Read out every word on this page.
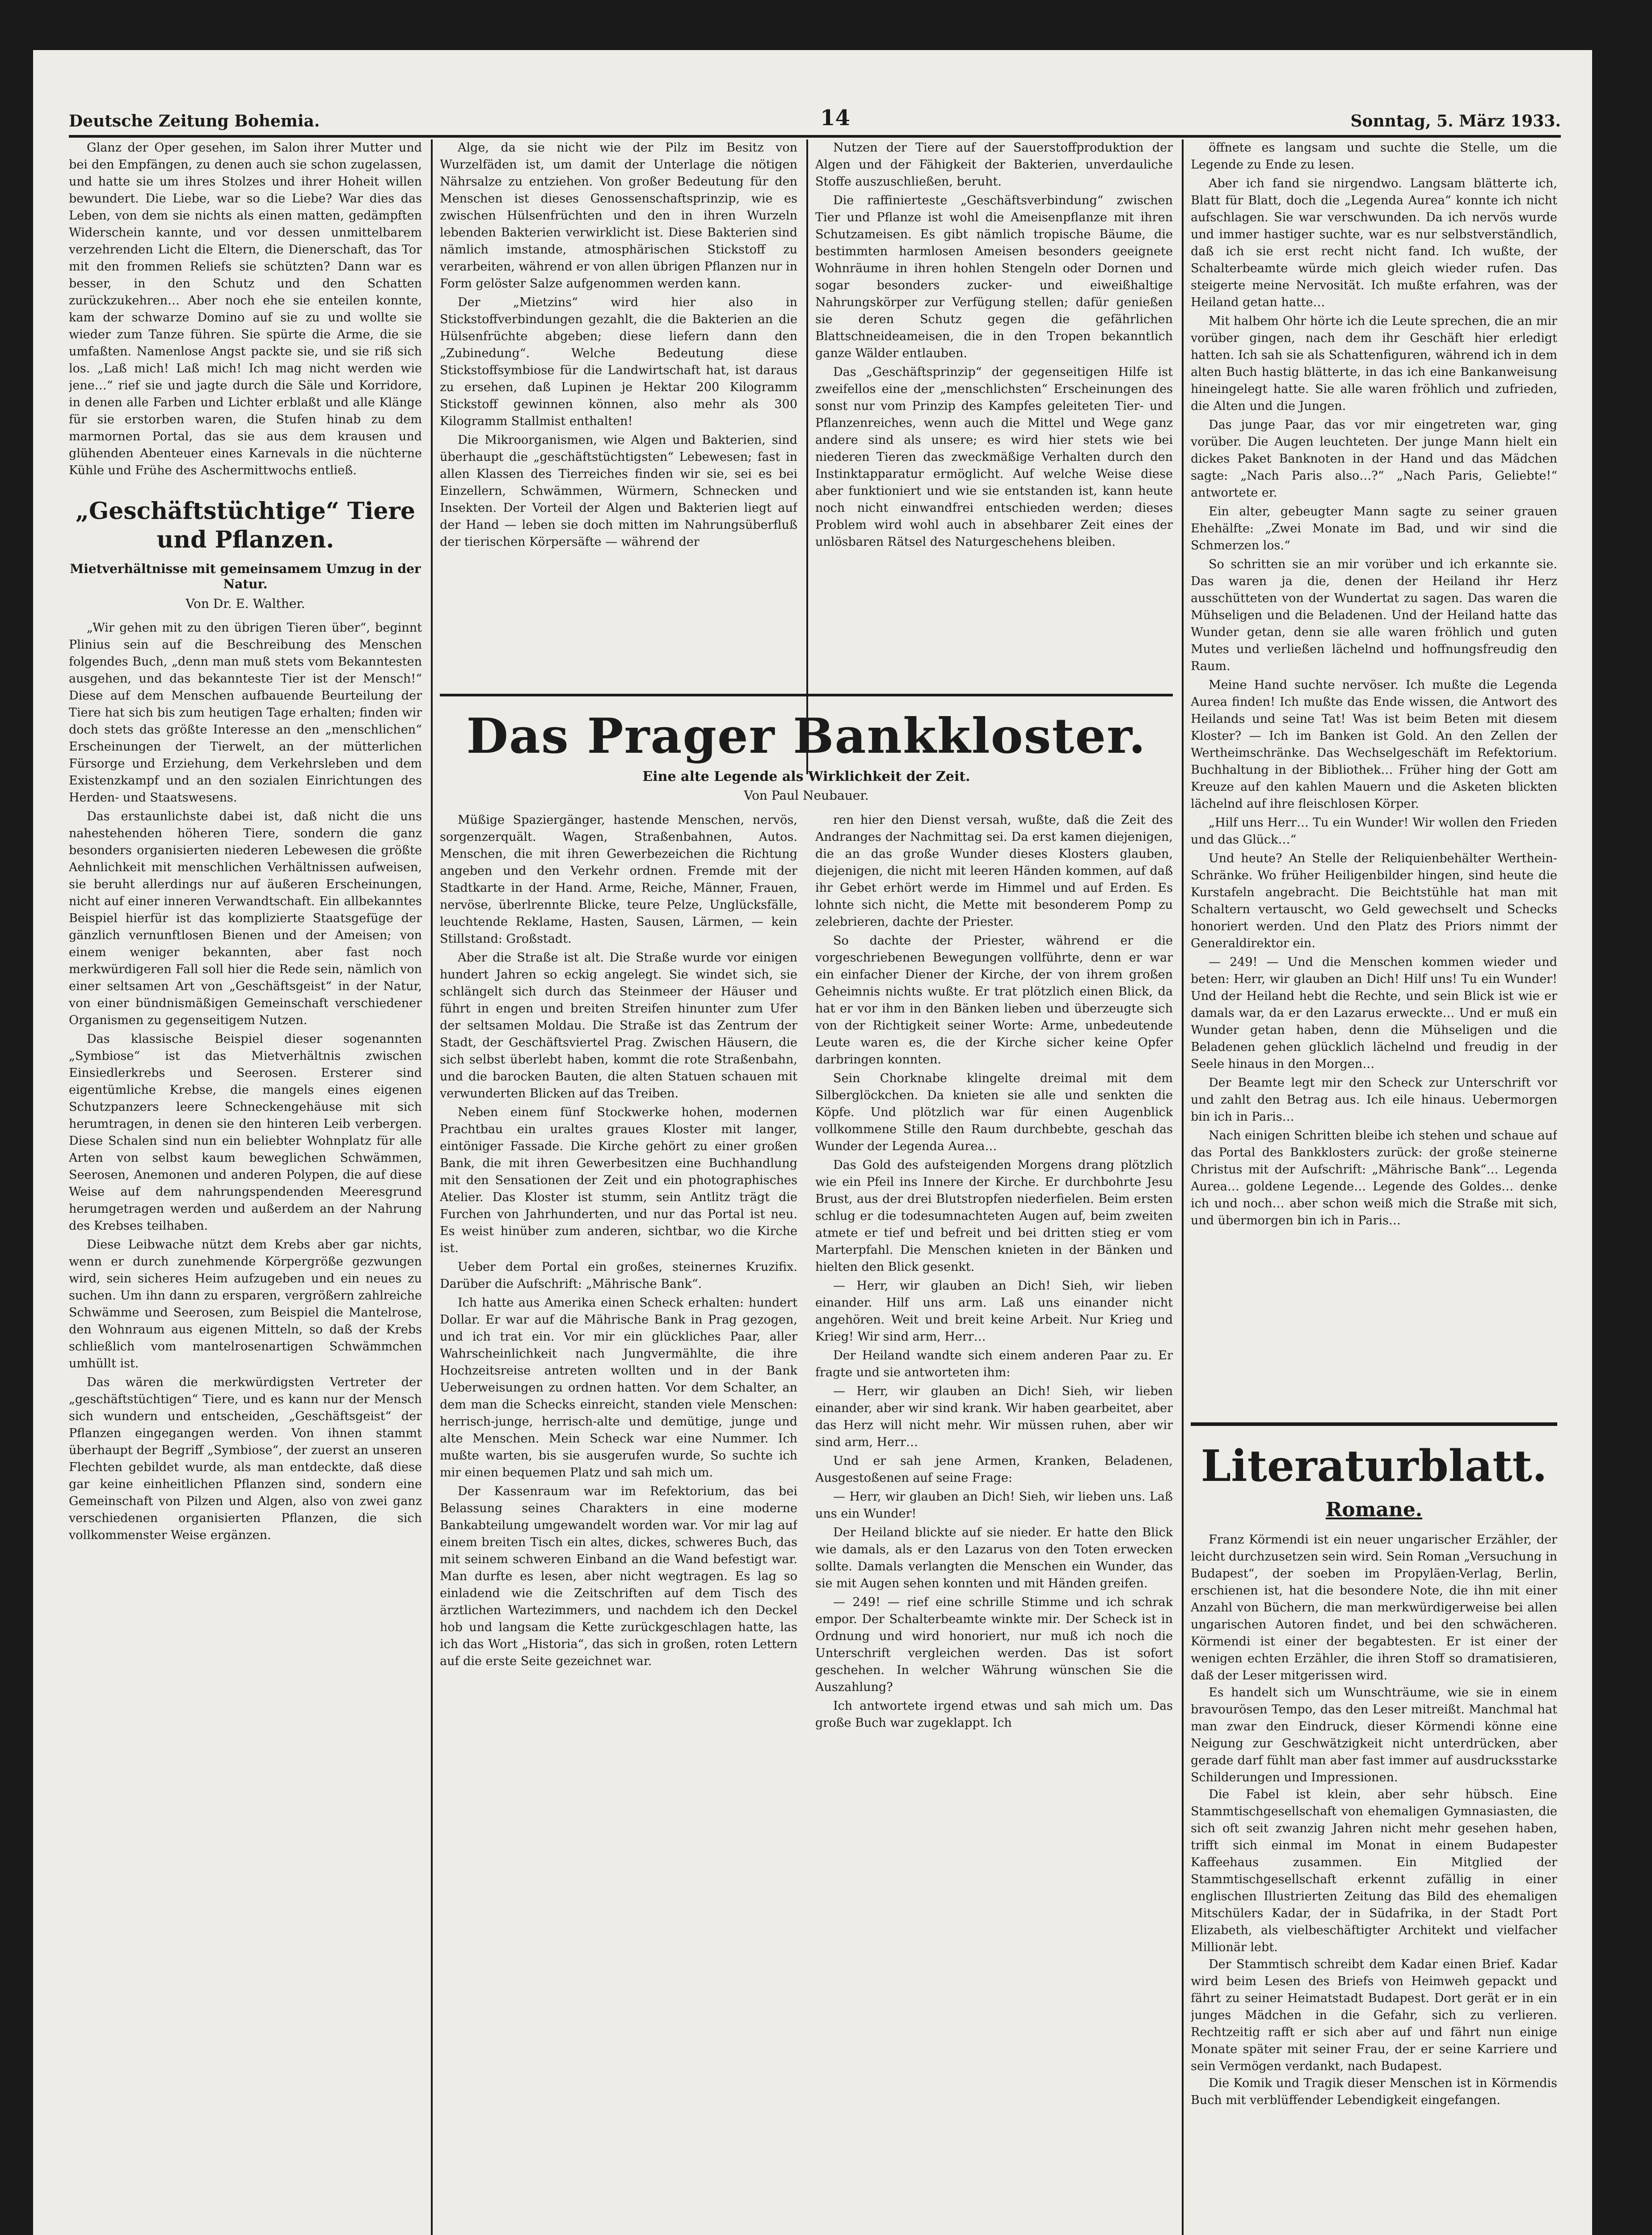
Deutsche Zeitung Bohemia.	14	Sonntag, 5. März 1933.

Glanz der Oper gesehen, im Salon ihrer Mutter und bei den Empfängen, zu denen auch sie schon zugelassen, und hatte sie um ihres Stolzes und ihrer Hoheit willen bewundert. Die Liebe, war so die Liebe? War dies das Leben, von dem sie nichts als einen matten, gedämpften Widerschein kannte, und vor dessen unmittelbarem verzehrenden Licht die Eltern, die Dienerschaft, das Tor mit den frommen Reliefs sie schützten? Dann war es besser, in den Schutz und den Schatten zurückzukehren… Aber noch ehe sie enteilen konnte, kam der schwarze Domino auf sie zu und wollte sie wieder zum Tanze führen. Sie spürte die Arme, die sie umfaßten. Namenlose Angst packte sie, und sie riß sich los. „Laß mich! Laß mich! Ich mag nicht werden wie jene…“ rief sie und jagte durch die Säle und Korridore, in denen alle Farben und Lichter erblaßt und alle Klänge für sie erstorben waren, die Stufen hinab zu dem marmornen Portal, das sie aus dem krausen und glühenden Abenteuer eines Karnevals in die nüchterne Kühle und Frühe des Aschermittwochs entließ.

„Geschäftstüchtige“ Tiere und Pflanzen.
Mietverhältnisse mit gemeinsamem Umzug in der Natur.
Von Dr. E. Walther.

„Wir gehen mit zu den übrigen Tieren über“, beginnt Plinius sein auf die Beschreibung des Menschen folgendes Buch, „denn man muß stets vom Bekanntesten ausgehen, und das bekannteste Tier ist der Mensch!“ Diese auf dem Menschen aufbauende Beurteilung der Tiere hat sich bis zum heutigen Tage erhalten; finden wir doch stets das größte Interesse an den „menschlichen“ Erscheinungen der Tierwelt, an der mütterlichen Fürsorge und Erziehung, dem Verkehrsleben und dem Existenzkampf und an den sozialen Einrichtungen des Herden- und Staatswesens.

Das erstaunlichste dabei ist, daß nicht die uns nahestehenden höheren Tiere, sondern die ganz besonders organisierten niederen Lebewesen die größte Aehnlichkeit mit menschlichen Verhältnissen aufweisen, sie beruht allerdings nur auf äußeren Erscheinungen, nicht auf einer inneren Verwandtschaft. Ein allbekanntes Beispiel hierfür ist das komplizierte Staatsgefüge der gänzlich vernunftlosen Bienen und der Ameisen; von einem weniger bekannten, aber fast noch merkwürdigeren Fall soll hier die Rede sein, nämlich von einer seltsamen Art von „Geschäftsgeist“ in der Natur, von einer bündnismäßigen Gemeinschaft verschiedener Organismen zu gegenseitigem Nutzen.

Das klassische Beispiel dieser sogenannten „Symbiose“ ist das Mietverhältnis zwischen Einsiedlerkrebs und Seerosen. Ersterer sind eigentümliche Krebse, die mangels eines eigenen Schutzpanzers leere Schneckengehäuse mit sich herumtragen, in denen sie den hinteren Leib verbergen. Diese Schalen sind nun ein beliebter Wohnplatz für alle Arten von selbst kaum beweglichen Schwämmen, Seerosen, Anemonen und anderen Polypen, die auf diese Weise auf dem nahrungspendenden Meeresgrund herumgetragen werden und außerdem an der Nahrung des Krebses teilhaben.

Diese Leibwache nützt dem Krebs aber gar nichts, wenn er durch zunehmende Körpergröße gezwungen wird, sein sicheres Heim aufzugeben und ein neues zu suchen. Um ihn dann zu ersparen, vergrößern zahlreiche Schwämme und Seerosen, zum Beispiel die Mantelrose, den Wohnraum aus eigenen Mitteln, so daß der Krebs schließlich vom mantelrosenartigen Schwämmchen umhüllt ist.

Das wären die merkwürdigsten Vertreter der „geschäftstüchtigen“ Tiere, und es kann nur der Mensch sich wundern und entscheiden, „Geschäftsgeist“ der Pflanzen eingegangen werden. Von ihnen stammt überhaupt der Begriff „Symbiose“, der zuerst an unseren Flechten gebildet wurde, als man entdeckte, daß diese gar keine einheitlichen Pflanzen sind, sondern eine Gemeinschaft von Pilzen und Algen, also von zwei ganz verschiedenen organisierten Pflanzen, die sich vollkommenster Weise ergänzen.

Alge, da sie nicht wie der Pilz im Besitz von Wurzelfäden ist, um damit der Unterlage die nötigen Nährsalze zu entziehen. Von großer Bedeutung für den Menschen ist dieses Genossenschaftsprinzip, wie es zwischen Hülsenfrüchten und den in ihren Wurzeln lebenden Bakterien verwirklicht ist. Diese Bakterien sind nämlich imstande, atmosphärischen Stickstoff zu verarbeiten, während er von allen übrigen Pflanzen nur in Form gelöster Salze aufgenommen werden kann.

Der „Mietzins“ wird hier also in Stickstoffverbindungen gezahlt, die die Bakterien an die Hülsenfrüchte abgeben; diese liefern dann den „Zubinedung“. Welche Bedeutung diese Stickstoffsymbiose für die Landwirtschaft hat, ist daraus zu ersehen, daß Lupinen je Hektar 200 Kilogramm Stickstoff gewinnen können, also mehr als 300 Kilogramm Stallmist enthalten!

Die Mikroorganismen, wie Algen und Bakterien, sind überhaupt die „geschäftstüchtigsten“ Lebewesen; fast in allen Klassen des Tierreiches finden wir sie, sei es bei Einzellern, Schwämmen, Würmern, Schnecken und Insekten. Der Vorteil der Algen und Bakterien liegt auf der Hand — leben sie doch mitten im Nahrungsüberfluß der tierischen Körpersäfte — während der

Nutzen der Tiere auf der Sauerstoffproduktion der Algen und der Fähigkeit der Bakterien, unverdauliche Stoffe auszuschließen, beruht.

Die raffinierteste „Geschäftsverbindung“ zwischen Tier und Pflanze ist wohl die Ameisenpflanze mit ihren Schutzameisen. Es gibt nämlich tropische Bäume, die bestimmten harmlosen Ameisen besonders geeignete Wohnräume in ihren hohlen Stengeln oder Dornen und sogar besonders zucker- und eiweißhaltige Nahrungskörper zur Verfügung stellen; dafür genießen sie deren Schutz gegen die gefährlichen Blattschneideameisen, die in den Tropen bekanntlich ganze Wälder entlauben.

Das „Geschäftsprinzip“ der gegenseitigen Hilfe ist zweifellos eine der „menschlichsten“ Erscheinungen des sonst nur vom Prinzip des Kampfes geleiteten Tier- und Pflanzenreiches, wenn auch die Mittel und Wege ganz andere sind als unsere; es wird hier stets wie bei niederen Tieren das zweckmäßige Verhalten durch den Instinktapparatur ermöglicht. Auf welche Weise diese aber funktioniert und wie sie entstanden ist, kann heute noch nicht einwandfrei entschieden werden; dieses Problem wird wohl auch in absehbarer Zeit eines der unlösbaren Rätsel des Naturgeschehens bleiben.

Das Prager Bankkloster.
Eine alte Legende als Wirklichkeit der Zeit.
Von Paul Neubauer.

Müßige Spaziergänger, hastende Menschen, nervös, sorgenzerquält. Wagen, Straßenbahnen, Autos. Menschen, die mit ihren Gewerbezeichen die Richtung angeben und den Verkehr ordnen. Fremde mit der Stadtkarte in der Hand. Arme, Reiche, Männer, Frauen, nervöse, überlrennte Blicke, teure Pelze, Unglücksfälle, leuchtende Reklame, Hasten, Sausen, Lärmen, — kein Stillstand: Großstadt.

Aber die Straße ist alt. Die Straße wurde vor einigen hundert Jahren so eckig angelegt. Sie windet sich, sie schlängelt sich durch das Steinmeer der Häuser und führt in engen und breiten Streifen hinunter zum Ufer der seltsamen Moldau. Die Straße ist das Zentrum der Stadt, der Geschäftsviertel Prag. Zwischen Häusern, die sich selbst überlebt haben, kommt die rote Straßenbahn, und die barocken Bauten, die alten Statuen schauen mit verwunderten Blicken auf das Treiben.

Neben einem fünf Stockwerke hohen, modernen Prachtbau ein uraltes graues Kloster mit langer, eintöniger Fassade. Die Kirche gehört zu einer großen Bank, die mit ihren Gewerbesitzen eine Buchhandlung mit den Sensationen der Zeit und ein photographisches Atelier. Das Kloster ist stumm, sein Antlitz trägt die Furchen von Jahrhunderten, und nur das Portal ist neu. Es weist hinüber zum anderen, sichtbar, wo die Kirche ist.

Ueber dem Portal ein großes, steinernes Kruzifix. Darüber die Aufschrift: „Mährische Bank“.

Ich hatte aus Amerika einen Scheck erhalten: hundert Dollar. Er war auf die Mährische Bank in Prag gezogen, und ich trat ein. Vor mir ein glückliches Paar, aller Wahrscheinlichkeit nach Jungvermählte, die ihre Hochzeitsreise antreten wollten und in der Bank Ueberweisungen zu ordnen hatten. Vor dem Schalter, an dem man die Schecks einreicht, standen viele Menschen: herrisch-junge, herrisch-alte und demütige, junge und alte Menschen. Mein Scheck war eine Nummer. Ich mußte warten, bis sie ausgerufen wurde, So suchte ich mir einen bequemen Platz und sah mich um.

Der Kassenraum war im Refektorium, das bei Belassung seines Charakters in eine moderne Bankabteilung umgewandelt worden war. Vor mir lag auf einem breiten Tisch ein altes, dickes, schweres Buch, das mit seinem schweren Einband an die Wand befestigt war. Man durfte es lesen, aber nicht wegtragen. Es lag so einladend wie die Zeitschriften auf dem Tisch des ärztlichen Wartezimmers, und nachdem ich den Deckel hob und langsam die Kette zurückgeschlagen hatte, las ich das Wort „Historia“, das sich in großen, roten Lettern auf die erste Seite gezeichnet war.

ren hier den Dienst versah, wußte, daß die Zeit des Andranges der Nachmittag sei. Da erst kamen diejenigen, die an das große Wunder dieses Klosters glauben, diejenigen, die nicht mit leeren Händen kommen, auf daß ihr Gebet erhört werde im Himmel und auf Erden. Es lohnte sich nicht, die Mette mit besonderem Pomp zu zelebrieren, dachte der Priester.

So dachte der Priester, während er die vorgeschriebenen Bewegungen vollführte, denn er war ein einfacher Diener der Kirche, der von ihrem großen Geheimnis nichts wußte. Er trat plötzlich einen Blick, da hat er vor ihm in den Bänken lieben und überzeugte sich von der Richtigkeit seiner Worte: Arme, unbedeutende Leute waren es, die der Kirche sicher keine Opfer darbringen konnten.

Sein Chorknabe klingelte dreimal mit dem Silberglöckchen. Da knieten sie alle und senkten die Köpfe. Und plötzlich war für einen Augenblick vollkommene Stille den Raum durchbebte, geschah das Wunder der Legenda Aurea…

Das Gold des aufsteigenden Morgens drang plötzlich wie ein Pfeil ins Innere der Kirche. Er durchbohrte Jesu Brust, aus der drei Blutstropfen niederfielen. Beim ersten schlug er die todesumnachteten Augen auf, beim zweiten atmete er tief und befreit und bei dritten stieg er vom Marterpfahl. Die Menschen knieten in der Bänken und hielten den Blick gesenkt.

— Herr, wir glauben an Dich! Sieh, wir lieben einander. Hilf uns arm. Laß uns einander nicht angehören. Weit und breit keine Arbeit. Nur Krieg und Krieg! Wir sind arm, Herr…

Der Heiland wandte sich einem anderen Paar zu. Er fragte und sie antworteten ihm:

— Herr, wir glauben an Dich! Sieh, wir lieben einander, aber wir sind krank. Wir haben gearbeitet, aber das Herz will nicht mehr. Wir müssen ruhen, aber wir sind arm, Herr…

Und er sah jene Armen, Kranken, Beladenen, Ausgestoßenen auf seine Frage:

— Herr, wir glauben an Dich! Sieh, wir lieben uns. Laß uns ein Wunder!

Der Heiland blickte auf sie nieder. Er hatte den Blick wie damals, als er den Lazarus von den Toten erwecken sollte. Damals verlangten die Menschen ein Wunder, das sie mit Augen sehen konnten und mit Händen greifen.

— 249! — rief eine schrille Stimme und ich schrak empor. Der Schalterbeamte winkte mir. Der Scheck ist in Ordnung und wird honoriert, nur muß ich noch die Unterschrift vergleichen werden. Das ist sofort geschehen. In welcher Währung wünschen Sie die Auszahlung?

Ich antwortete irgend etwas und sah mich um. Das große Buch war zugeklappt. Ich

öffnete es langsam und suchte die Stelle, um die Legende zu Ende zu lesen.

Aber ich fand sie nirgendwo. Langsam blätterte ich, Blatt für Blatt, doch die „Legenda Aurea“ konnte ich nicht aufschlagen. Sie war verschwunden. Da ich nervös wurde und immer hastiger suchte, war es nur selbstverständlich, daß ich sie erst recht nicht fand. Ich wußte, der Schalterbeamte würde mich gleich wieder rufen. Das steigerte meine Nervosität. Ich mußte erfahren, was der Heiland getan hatte…

Mit halbem Ohr hörte ich die Leute sprechen, die an mir vorüber gingen, nach dem ihr Geschäft hier erledigt hatten. Ich sah sie als Schattenfiguren, während ich in dem alten Buch hastig blätterte, in das ich eine Bankanweisung hineingelegt hatte. Sie alle waren fröhlich und zufrieden, die Alten und die Jungen.

Das junge Paar, das vor mir eingetreten war, ging vorüber. Die Augen leuchteten. Der junge Mann hielt ein dickes Paket Banknoten in der Hand und das Mädchen sagte: „Nach Paris also…?“ „Nach Paris, Geliebte!“ antwortete er.

Ein alter, gebeugter Mann sagte zu seiner grauen Ehehälfte: „Zwei Monate im Bad, und wir sind die Schmerzen los.“

So schritten sie an mir vorüber und ich erkannte sie. Das waren ja die, denen der Heiland ihr Herz ausschütteten von der Wundertat zu sagen. Das waren die Mühseligen und die Beladenen. Und der Heiland hatte das Wunder getan, denn sie alle waren fröhlich und guten Mutes und verließen lächelnd und hoffnungsfreudig den Raum.

Meine Hand suchte nervöser. Ich mußte die Legenda Aurea finden! Ich mußte das Ende wissen, die Antwort des Heilands und seine Tat! Was ist beim Beten mit diesem Kloster? — Ich im Banken ist Gold. An den Zellen der Wertheimschränke. Das Wechselgeschäft im Refektorium. Buchhaltung in der Bibliothek… Früher hing der Gott am Kreuze auf den kahlen Mauern und die Asketen blickten lächelnd auf ihre fleischlosen Körper.

„Hilf uns Herr… Tu ein Wunder! Wir wollen den Frieden und das Glück…“

Und heute? An Stelle der Reliquienbehälter Werthein-Schränke. Wo früher Heiligenbilder hingen, sind heute die Kurstafeln angebracht. Die Beichtstühle hat man mit Schaltern vertauscht, wo Geld gewechselt und Schecks honoriert werden. Und den Platz des Priors nimmt der Generaldirektor ein.

— 249! — Und die Menschen kommen wieder und beten: Herr, wir glauben an Dich! Hilf uns! Tu ein Wunder! Und der Heiland hebt die Rechte, und sein Blick ist wie er damals war, da er den Lazarus erweckte… Und er muß ein Wunder getan haben, denn die Mühseligen und die Beladenen gehen glücklich lächelnd und freudig in der Seele hinaus in den Morgen…

Der Beamte legt mir den Scheck zur Unterschrift vor und zahlt den Betrag aus. Ich eile hinaus. Uebermorgen bin ich in Paris…

Nach einigen Schritten bleibe ich stehen und schaue auf das Portal des Bankklosters zurück: der große steinerne Christus mit der Aufschrift: „Mährische Bank“… Legenda Aurea… goldene Legende… Legende des Goldes… denke ich und noch… aber schon weiß mich die Straße mit sich, und übermorgen bin ich in Paris…

Literaturblatt.
Romane.

Franz Körmendi ist ein neuer ungarischer Erzähler, der leicht durchzusetzen sein wird. Sein Roman „Versuchung in Budapest“, der soeben im Propyläen-Verlag, Berlin, erschienen ist, hat die besondere Note, die ihn mit einer Anzahl von Büchern, die man merkwürdigerweise bei allen ungarischen Autoren findet, und bei den schwächeren. Körmendi ist einer der begabtesten. Er ist einer der wenigen echten Erzähler, die ihren Stoff so dramatisieren, daß der Leser mitgerissen wird.

Es handelt sich um Wunschträume, wie sie in einem bravourösen Tempo, das den Leser mitreißt. Manchmal hat man zwar den Eindruck, dieser Körmendi könne eine Neigung zur Geschwätzigkeit nicht unterdrücken, aber gerade darf fühlt man aber fast immer auf ausdrucksstarke Schilderungen und Impressionen.

Die Fabel ist klein, aber sehr hübsch. Eine Stammtischgesellschaft von ehemaligen Gymnasiasten, die sich oft seit zwanzig Jahren nicht mehr gesehen haben, trifft sich einmal im Monat in einem Budapester Kaffeehaus zusammen. Ein Mitglied der Stammtischgesellschaft erkennt zufällig in einer englischen Illustrierten Zeitung das Bild des ehemaligen Mitschülers Kadar, der in Südafrika, in der Stadt Port Elizabeth, als vielbeschäftigter Architekt und vielfacher Millionär lebt.

Der Stammtisch schreibt dem Kadar einen Brief. Kadar wird beim Lesen des Briefs von Heimweh gepackt und fährt zu seiner Heimatstadt Budapest. Dort gerät er in ein junges Mädchen in die Gefahr, sich zu verlieren. Rechtzeitig rafft er sich aber auf und fährt nun einige Monate später mit seiner Frau, der er seine Karriere und sein Vermögen verdankt, nach Budapest.

Die Komik und Tragik dieser Menschen ist in Körmendis Buch mit verblüffender Lebendigkeit eingefangen.
